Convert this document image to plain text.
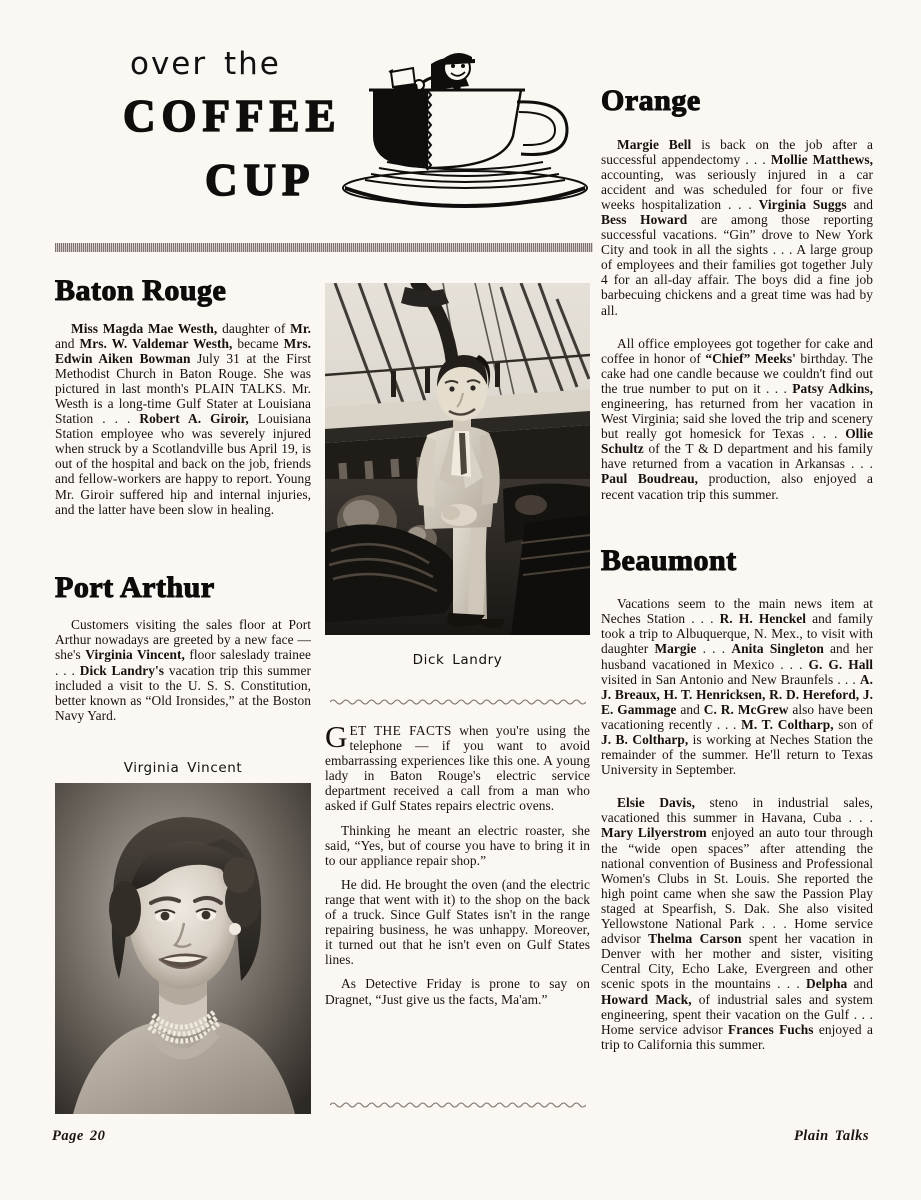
over the
COFFEE
CUP
Baton Rouge

Miss Magda Mae Westh, daughter of Mr. and Mrs. W. Valdemar Westh, became Mrs. Edwin Aiken Bowman July 31 at the First Methodist Church in Baton Rouge. She was pictured in last month's PLAIN TALKS. Mr. Westh is a long-time Gulf Stater at Louisiana Station . . . Robert A. Giroir, Louisiana Station employee who was severely injured when struck by a Scotlandville bus April 19, is out of the hospital and back on the job, friends and fellow-workers are happy to report. Young Mr. Giroir suffered hip and internal injuries, and the latter have been slow in healing.

Port Arthur

Customers visiting the sales floor at Port Arthur nowadays are greeted by a new face — she's Virginia Vincent, floor saleslady trainee . . . Dick Landry's vacation trip this summer included a visit to the U. S. S. Constitution, better known as “Old Ironsides,” at the Boston Navy Yard.

Virginia Vincent
Dick Landry

GET THE FACTS when you're using the telephone — if you want to avoid embarrassing experiences like this one. A young lady in Baton Rouge's electric service department received a call from a man who asked if Gulf States repairs electric ovens.

Thinking he meant an electric roaster, she said, “Yes, but of course you have to bring it in to our appliance repair shop.”

He did. He brought the oven (and the electric range that went with it) to the shop on the back of a truck. Since Gulf States isn't in the range repairing business, he was unhappy. Moreover, it turned out that he isn't even on Gulf States lines.

As Detective Friday is prone to say on Dragnet, “Just give us the facts, Ma'am.”

Orange

Margie Bell is back on the job after a successful appendectomy . . . Mollie Matthews, accounting, was seriously injured in a car accident and was scheduled for four or five weeks hospitalization . . . Virginia Suggs and Bess Howard are among those reporting successful vacations. “Gin” drove to New York City and took in all the sights . . . A large group of employees and their families got together July 4 for an all-day affair. The boys did a fine job barbecuing chickens and a great time was had by all.

All office employees got together for cake and coffee in honor of “Chief” Meeks' birthday. The cake had one candle because we couldn't find out the true number to put on it . . . Patsy Adkins, engineering, has returned from her vacation in West Virginia; said she loved the trip and scenery but really got homesick for Texas . . . Ollie Schultz of the T & D department and his family have returned from a vacation in Arkansas . . . Paul Boudreau, production, also enjoyed a recent vacation trip this summer.

Beaumont

Vacations seem to the main news item at Neches Station . . . R. H. Henckel and family took a trip to Albuquerque, N. Mex., to visit with daughter Margie . . . Anita Singleton and her husband vacationed in Mexico . . . G. G. Hall visited in San Antonio and New Braunfels . . . A. J. Breaux, H. T. Henricksen, R. D. Hereford, J. E. Gammage and C. R. McGrew also have been vacationing recently . . . M. T. Coltharp, son of J. B. Coltharp, is working at Neches Station the remainder of the summer. He'll return to Texas University in September.

Elsie Davis, steno in industrial sales, vacationed this summer in Havana, Cuba . . . Mary Lilyerstrom enjoyed an auto tour through the “wide open spaces” after attending the national convention of Business and Professional Women's Clubs in St. Louis. She reported the high point came when she saw the Passion Play staged at Spearfish, S. Dak. She also visited Yellowstone National Park . . . Home service advisor Thelma Carson spent her vacation in Denver with her mother and sister, visiting Central City, Echo Lake, Evergreen and other scenic spots in the mountains . . . Delpha and Howard Mack, of industrial sales and system engineering, spent their vacation on the Gulf . . . Home service advisor Frances Fuchs enjoyed a trip to California this summer.

Page 20	Plain Talks
